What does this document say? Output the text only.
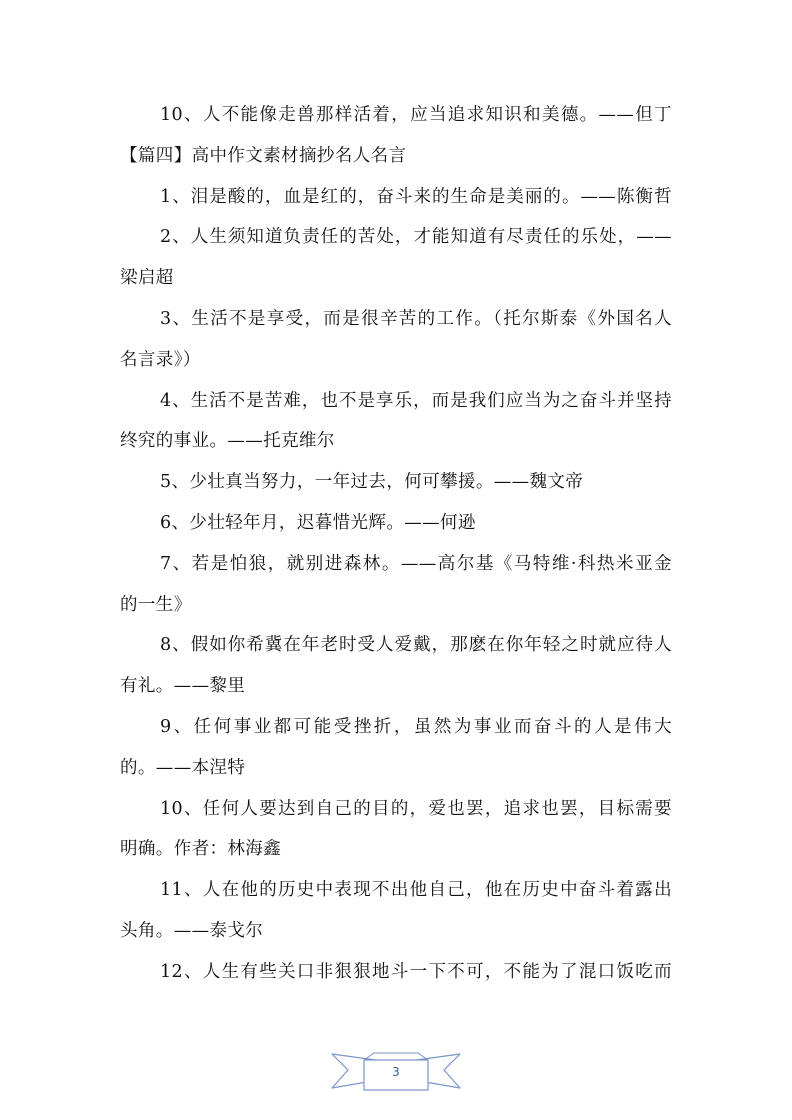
10、人不能像走兽那样活着，应当追求知识和美德。——但丁
【篇四】高中作文素材摘抄名人名言
1、泪是酸的，血是红的，奋斗来的生命是美丽的。——陈衡哲
2、人生须知道负责任的苦处，才能知道有尽责任的乐处，——
梁启超
3、生活不是享受，而是很辛苦的工作。（托尔斯泰《外国名人
名言录》）
4、生活不是苦难，也不是享乐，而是我们应当为之奋斗并坚持
终究的事业。——托克维尔
5、少壮真当努力，一年过去，何可攀援。——魏文帝
6、少壮轻年月，迟暮惜光辉。——何逊
7、若是怕狼，就别进森林。——高尔基《马特维·科热米亚金
的一生》
8、假如你希冀在年老时受人爱戴，那麽在你年轻之时就应待人
有礼。——黎里
9、任何事业都可能受挫折，虽然为事业而奋斗的人是伟大
的。——本涅特
10、任何人要达到自己的目的，爱也罢，追求也罢，目标需要
明确。作者：林海鑫
11、人在他的历史中表现不出他自己，他在历史中奋斗着露出
头角。——泰戈尔
12、人生有些关口非狠狠地斗一下不可，不能为了混口饭吃而
3
